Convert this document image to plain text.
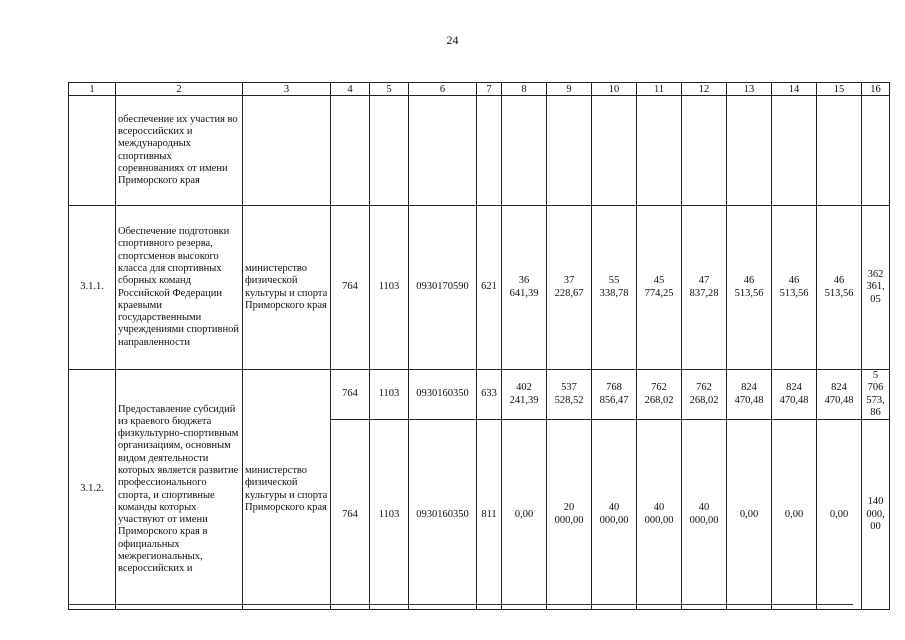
24
1	2	3	4	5	6	7	8	9	10	11	12	13	14	15	16
	обеспечение их участия во всероссийских и международных спортивных соревнованиях от имени Приморского края														
3.1.1.	Обеспечение подготовки спортивного резерва, спортсменов высокого класса для спортивных сборных команд Российской Федерации краевыми государственными учреждениями спортивной направленности	министерство физической культуры и спорта Приморского края	764	1103	0930170590	621	36 641,39	37 228,67	55 338,78	45 774,25	47 837,28	46 513,56	46 513,56	46 513,56	362 361,05
3.1.2.	Предоставление субсидий из краевого бюджета физкультурно-спортивным организациям, основным видом деятельности которых является развитие профессионального спорта, и спортивные команды которых участвуют от имени Приморского края в официальных межрегиональных, всероссийских и	министерство физической культуры и спорта Приморского края	764	1103	0930160350	633	402 241,39	537 528,52	768 856,47	762 268,02	762 268,02	824 470,48	824 470,48	824 470,48	5 706 573,86
			764	1103	0930160350	811	0,00	20 000,00	40 000,00	40 000,00	40 000,00	0,00	0,00	0,00	140 000,00
